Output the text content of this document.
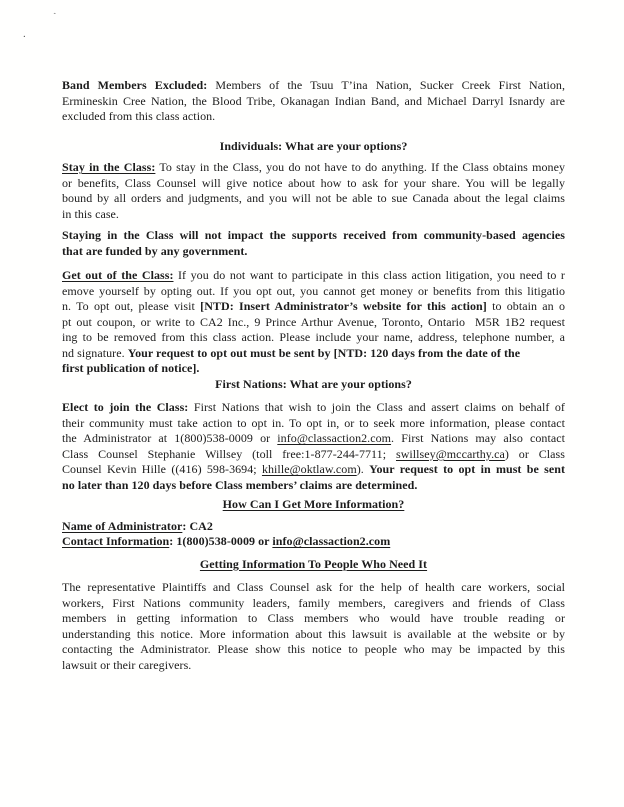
`
.
Band Members Excluded: Members of the Tsuu T’ina Nation, Sucker Creek First Nation,
Ermineskin Cree Nation, the Blood Tribe, Okanagan Indian Band, and Michael Darryl Isnardy are
excluded from this class action.
Individuals: What are your options?
Stay in the Class: To stay in the Class, you do not have to do anything. If the Class obtains money
or benefits, Class Counsel will give notice about how to ask for your share. You will be legally
bound by all orders and judgments, and you will not be able to sue Canada about the legal claims
in this case.
Staying in the Class will not impact the supports received from community-based agencies
that are funded by any government.
Get out of the Class: If you do not want to participate in this class action litigation, you need to r
emove yourself by opting out. If you opt out, you cannot get money or benefits from this litigatio
n. To opt out, please visit [NTD: Insert Administrator’s website for this action] to obtain an o
pt out coupon, or write to CA2 Inc., 9 Prince Arthur Avenue, Toronto, Ontario  M5R 1B2 request
ing to be removed from this class action. Please include your name, address, telephone number, a
nd signature. Your request to opt out must be sent by [NTD: 120 days from the date of the
first publication of notice].
First Nations: What are your options?
Elect to join the Class: First Nations that wish to join the Class and assert claims on behalf of
their community must take action to opt in. To opt in, or to seek more information, please contact
the Administrator at 1(800)538-0009 or info@classaction2.com. First Nations may also contact
Class Counsel Stephanie Willsey (toll free:1-877-244-7711; swillsey@mccarthy.ca) or Class
Counsel Kevin Hille ((416) 598-3694; khille@oktlaw.com). Your request to opt in must be sent
no later than 120 days before Class members’ claims are determined.
How Can I Get More Information?
Name of Administrator: CA2
Contact Information: 1(800)538-0009 or info@classaction2.com
Getting Information To People Who Need It
The representative Plaintiffs and Class Counsel ask for the help of health care workers, social
workers, First Nations community leaders, family members, caregivers and friends of Class
members in getting information to Class members who would have trouble reading or
understanding this notice. More information about this lawsuit is available at the website or by
contacting the Administrator. Please show this notice to people who may be impacted by this
lawsuit or their caregivers.
